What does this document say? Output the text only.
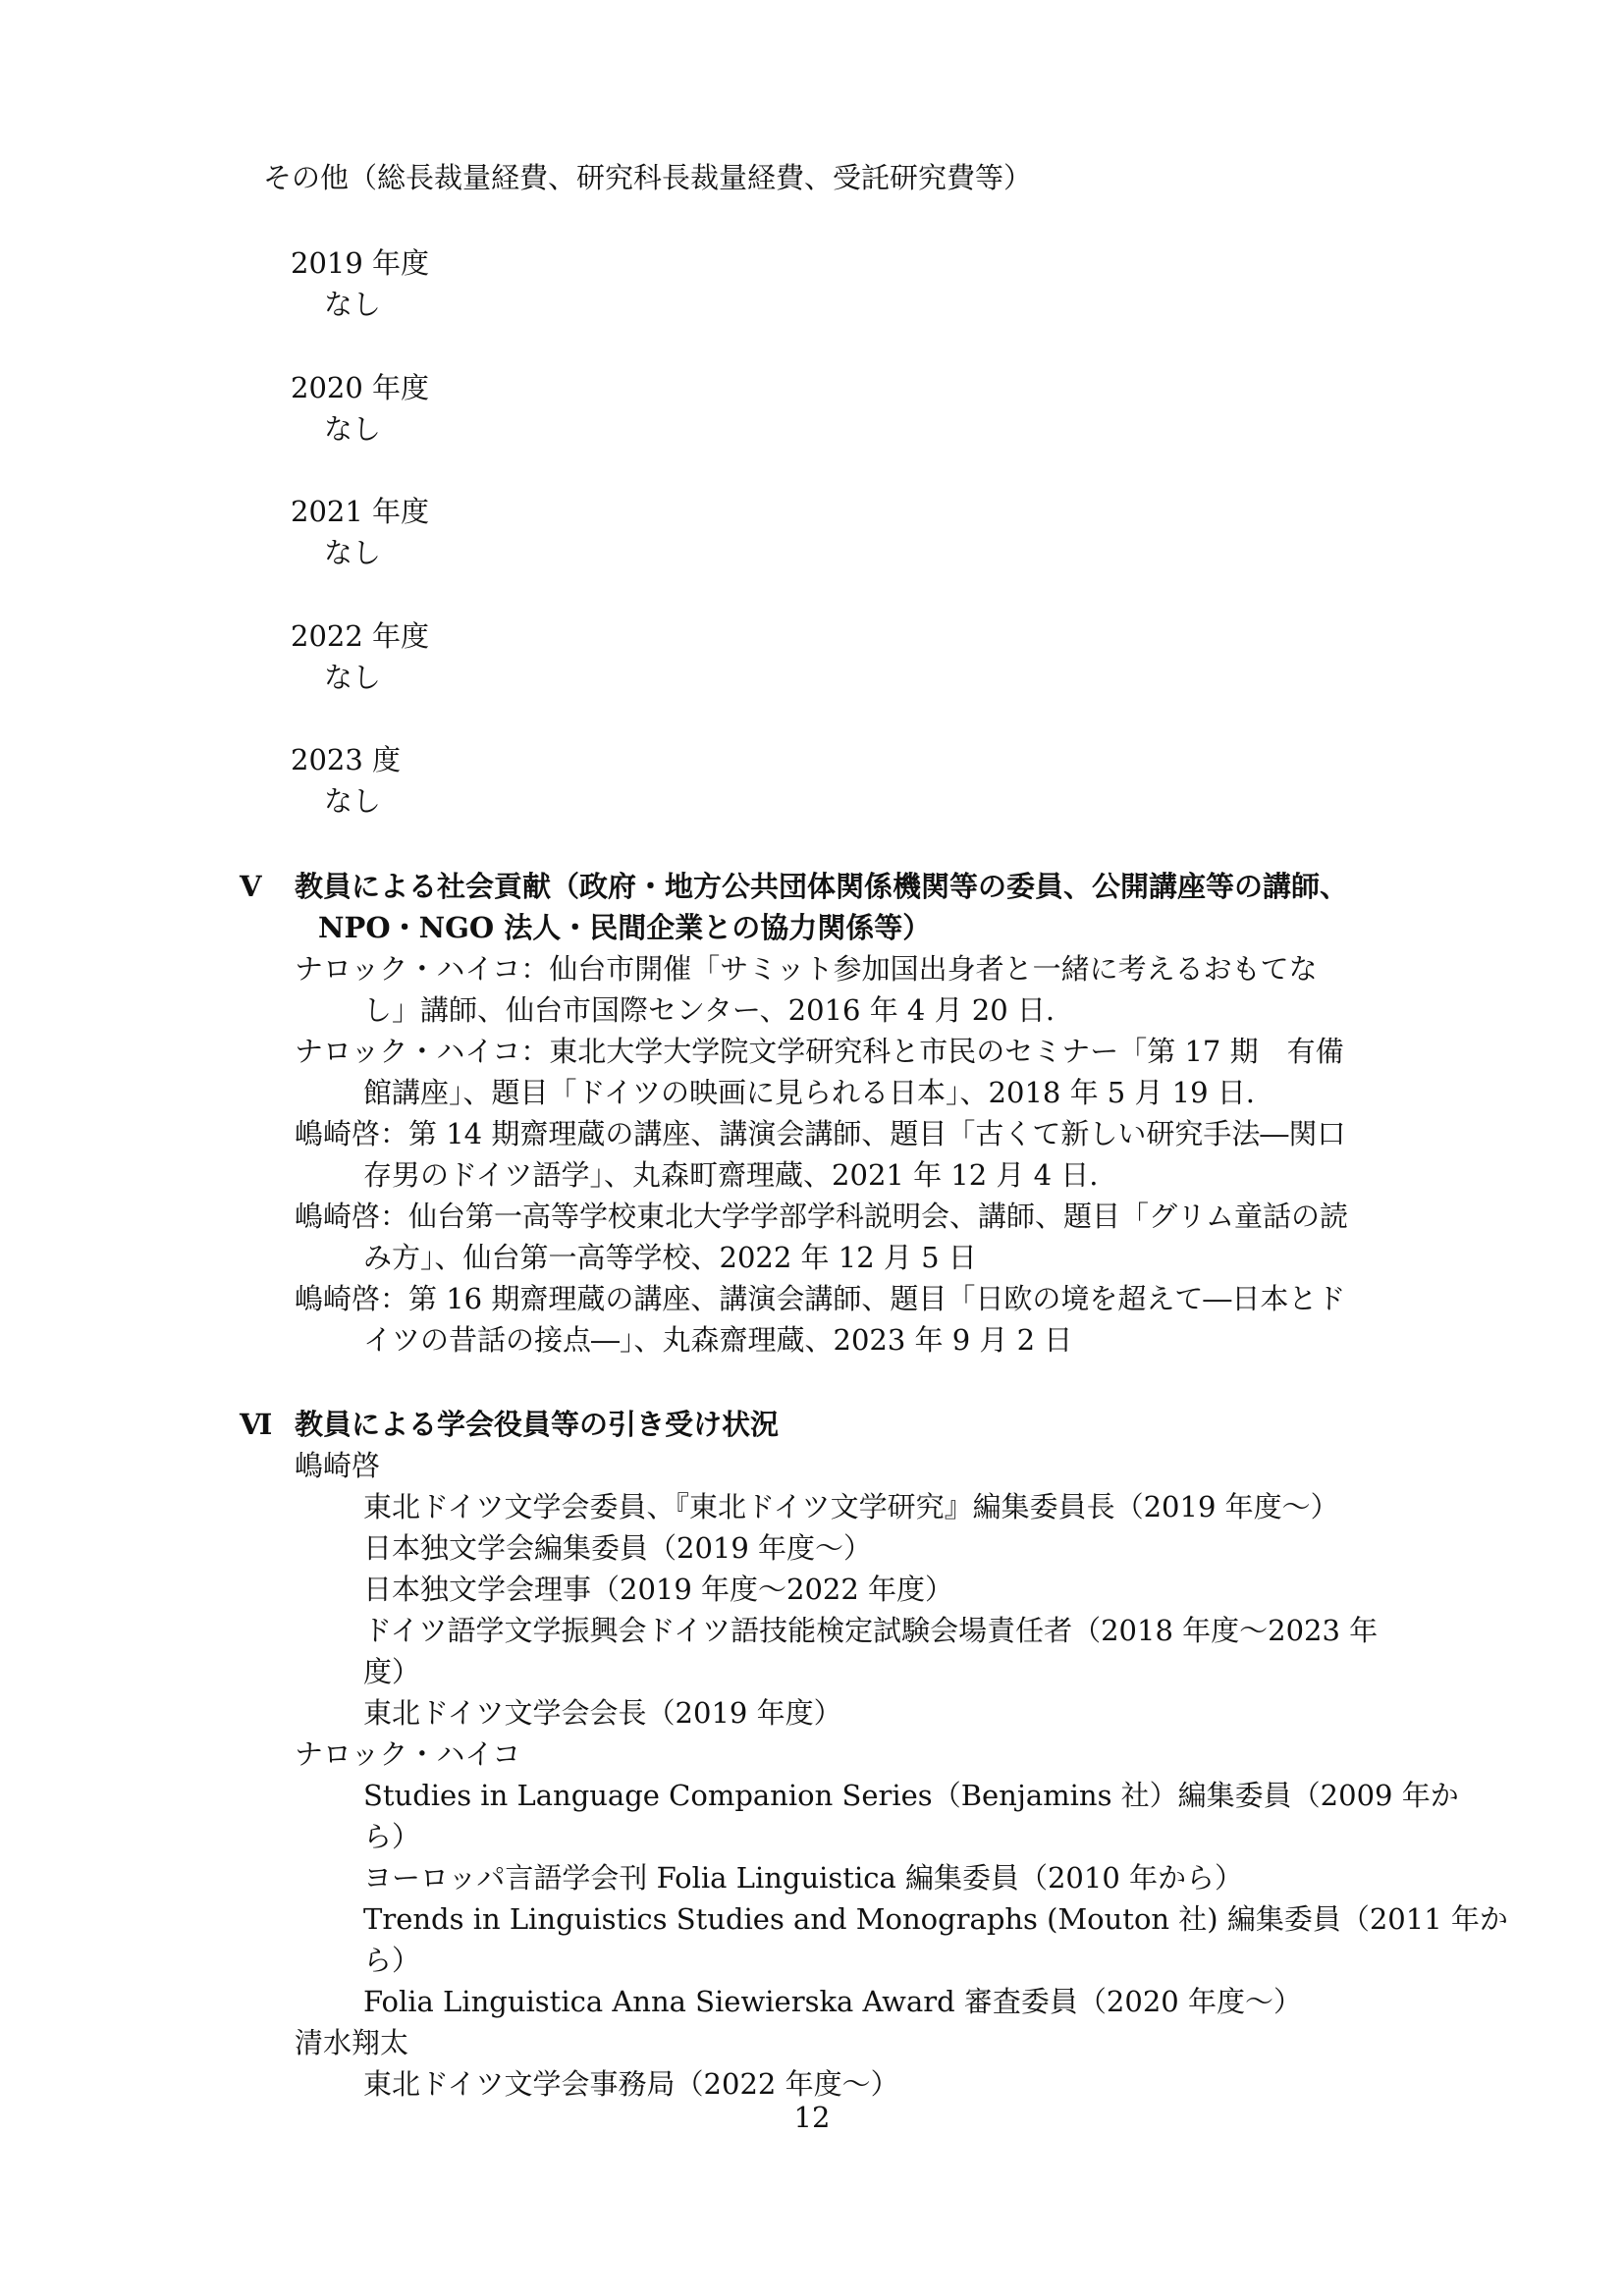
その他（総長裁量経費、研究科長裁量経費、受託研究費等）
2019 年度
なし
2020 年度
なし
2021 年度
なし
2022 年度
なし
2023 度
なし
Ⅴ 教員による社会貢献（政府・地方公共団体関係機関等の委員、公開講座等の講師、
NPO・NGO 法人・民間企業との協力関係等）
ナロック・ハイコ：仙台市開催「サミット参加国出身者と一緒に考えるおもてな
し」講師、仙台市国際センター、2016 年 4 月 20 日.
ナロック・ハイコ：東北大学大学院文学研究科と市民のセミナー「第 17 期　有備
館講座」、題目「ドイツの映画に見られる日本」、2018 年 5 月 19 日.
嶋崎啓：第 14 期齋理蔵の講座、講演会講師、題目「古くて新しい研究手法―関口
存男のドイツ語学」、丸森町齋理蔵、2021 年 12 月 4 日.
嶋崎啓：仙台第一高等学校東北大学学部学科説明会、講師、題目「グリム童話の読
み方」、仙台第一高等学校、2022 年 12 月 5 日
嶋崎啓：第 16 期齋理蔵の講座、講演会講師、題目「日欧の境を超えて―日本とド
イツの昔話の接点―」、丸森齋理蔵、2023 年 9 月 2 日
Ⅵ 教員による学会役員等の引き受け状況
嶋崎啓
東北ドイツ文学会委員、『東北ドイツ文学研究』編集委員長（2019 年度～）
日本独文学会編集委員（2019 年度～）
日本独文学会理事（2019 年度～2022 年度）
ドイツ語学文学振興会ドイツ語技能検定試験会場責任者（2018 年度～2023 年
度）
東北ドイツ文学会会長（2019 年度）
ナロック・ハイコ
Studies in Language Companion Series（Benjamins 社）編集委員（2009 年か
ら）
ヨーロッパ言語学会刊 Folia Linguistica 編集委員（2010 年から）
Trends in Linguistics Studies and Monographs (Mouton 社) 編集委員（2011 年か
ら）
Folia Linguistica Anna Siewierska Award 審査委員（2020 年度～）
清水翔太
東北ドイツ文学会事務局（2022 年度～）
12
